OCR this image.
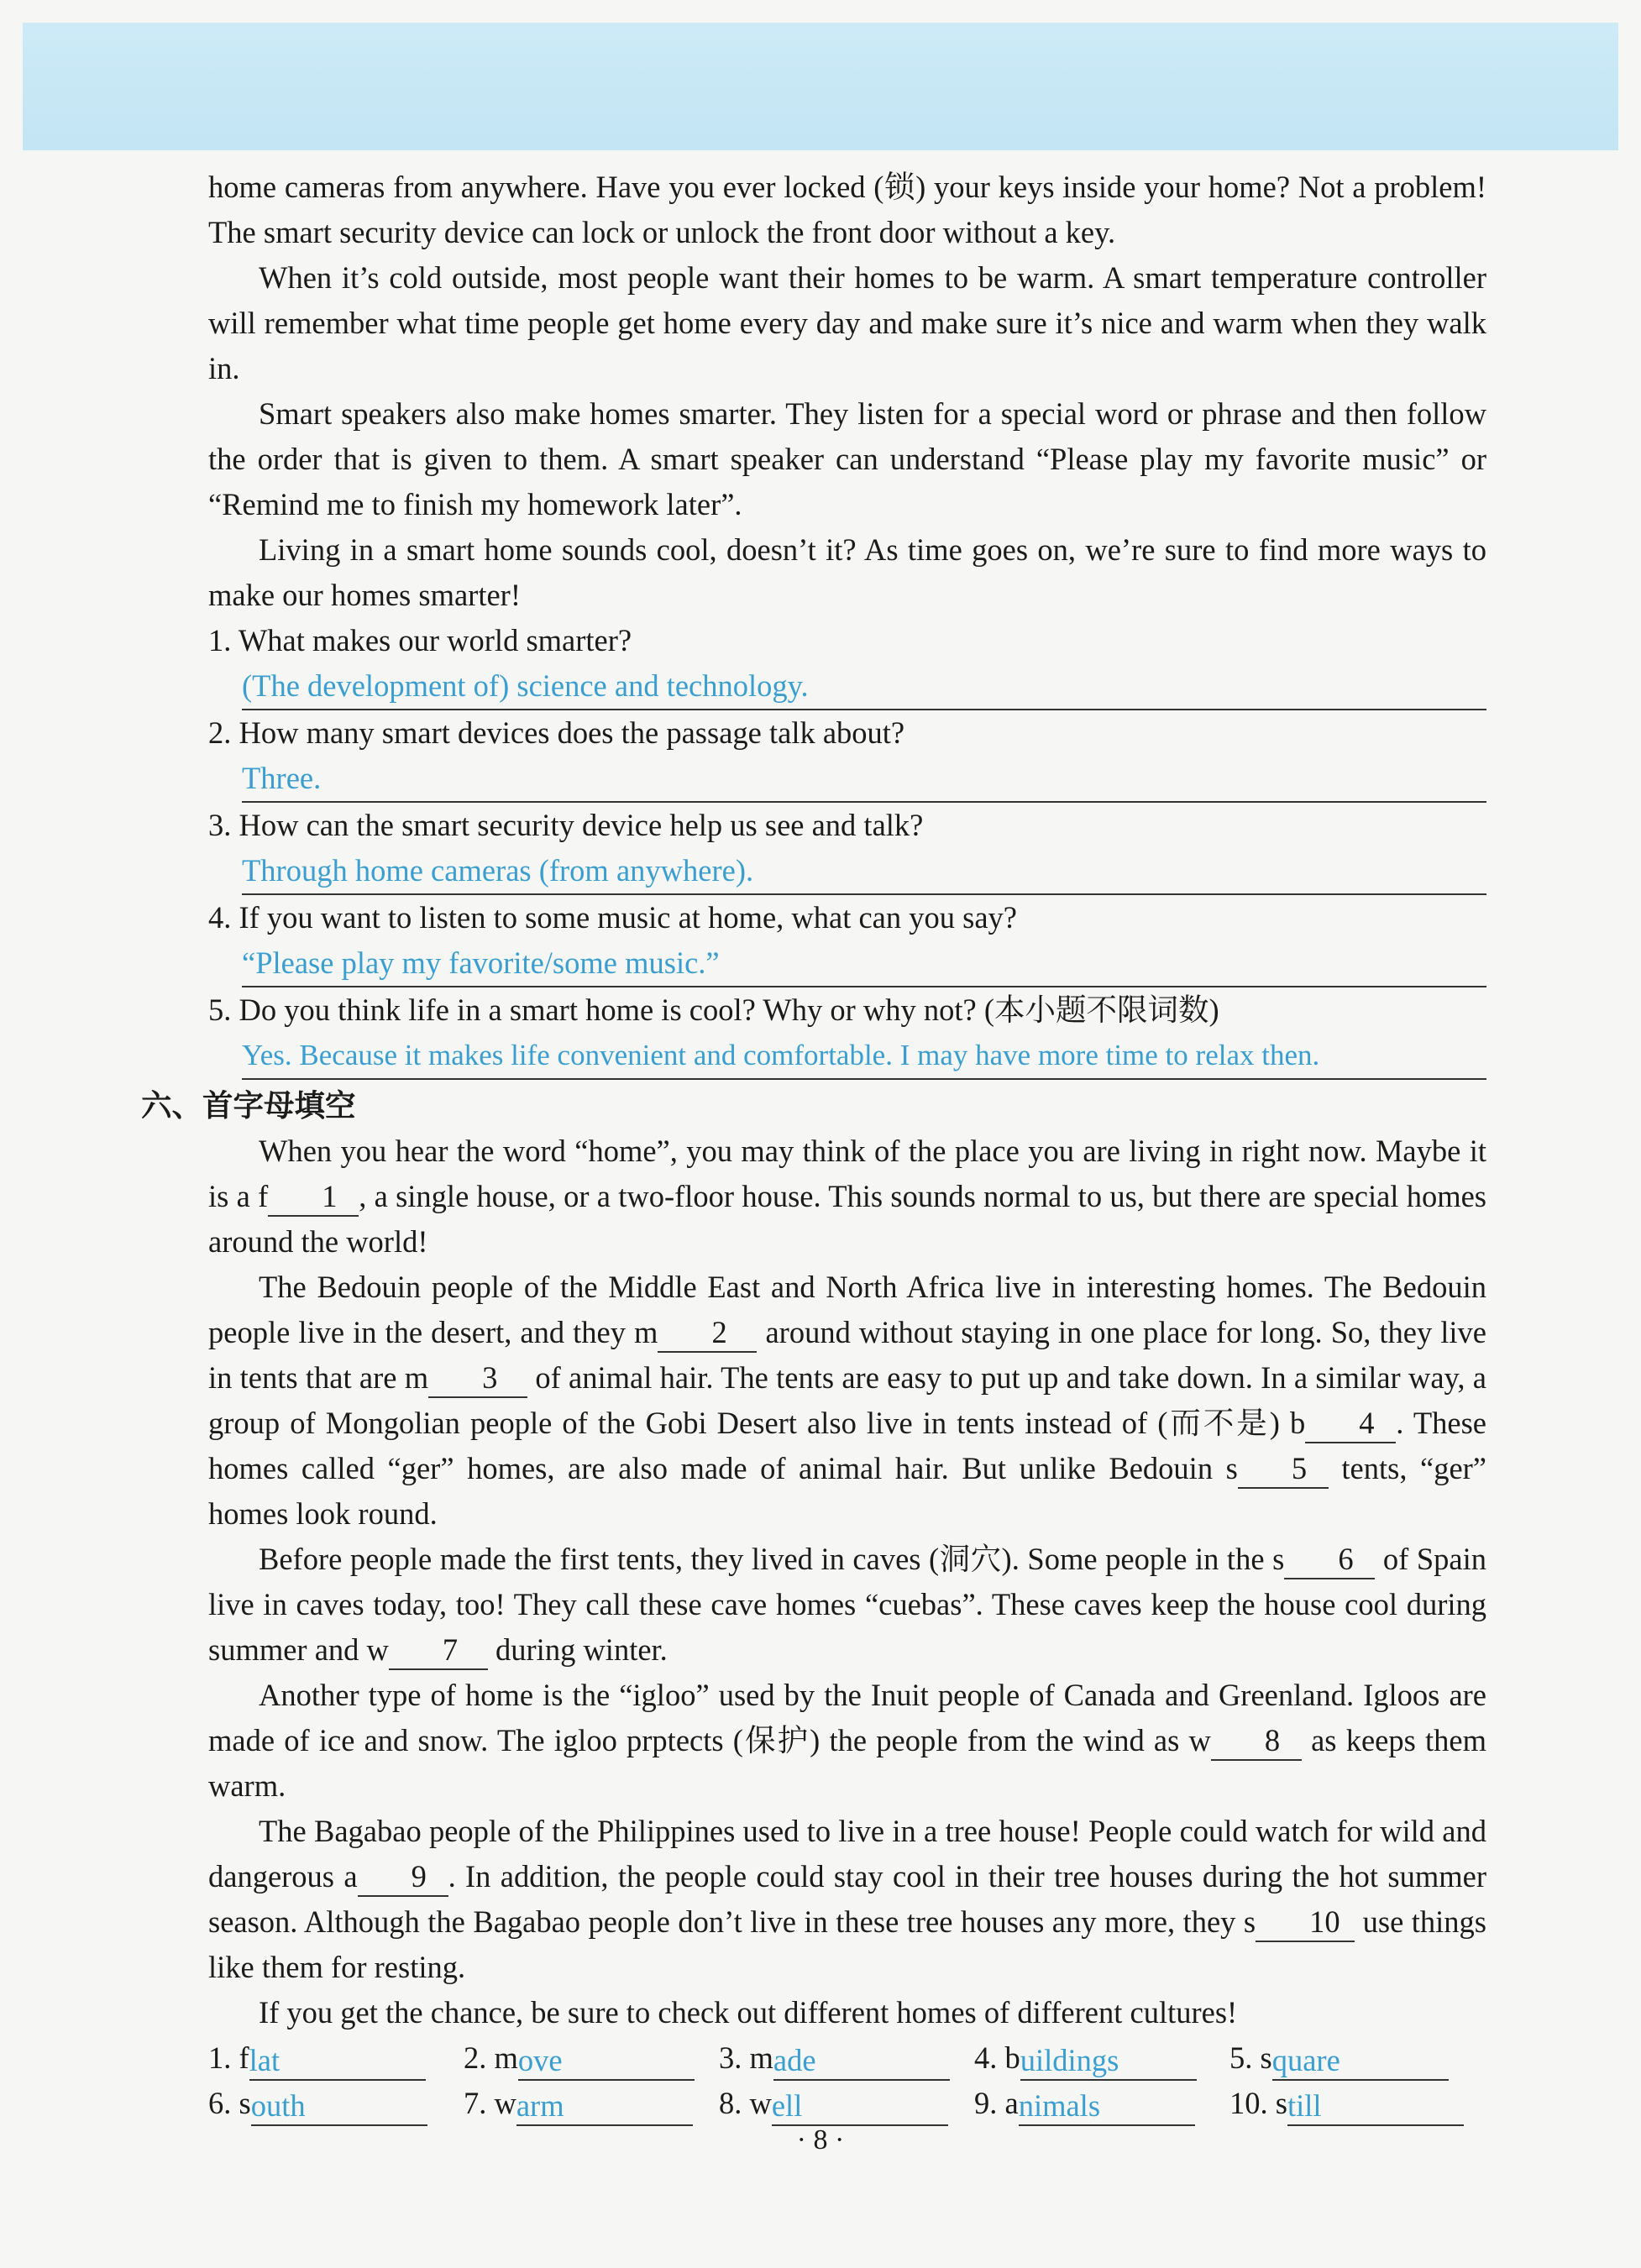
home cameras from anywhere. Have you ever locked (锁) your keys inside your home? Not a problem! The smart security device can lock or unlock the front door without a key.

When it’s cold outside, most people want their homes to be warm. A smart temperature controller will remember what time people get home every day and make sure it’s nice and warm when they walk in.

Smart speakers also make homes smarter. They listen for a special word or phrase and then follow the order that is given to them. A smart speaker can understand “Please play my favorite music” or “Remind me to finish my homework later”.

Living in a smart home sounds cool, doesn’t it? As time goes on, we’re sure to find more ways to make our homes smarter!

1. What makes our world smarter?
(The development of) science and technology.
2. How many smart devices does the passage talk about?
Three.
3. How can the smart security device help us see and talk?
Through home cameras (from anywhere).
4. If you want to listen to some music at home, what can you say?
“Please play my favorite/some music.”
5. Do you think life in a smart home is cool? Why or why not? (本小题不限词数)
Yes. Because it makes life convenient and comfortable. I may have more time to relax then.
六、首字母填空

When you hear the word “home”, you may think of the place you are living in right now. Maybe it is a f 1 , a single house, or a two-floor house. This sounds normal to us, but there are special homes around the world!

The Bedouin people of the Middle East and North Africa live in interesting homes. The Bedouin people live in the desert, and they m 2 around without staying in one place for long. So, they live in tents that are m 3 of animal hair. The tents are easy to put up and take down. In a similar way, a group of Mongolian people of the Gobi Desert also live in tents instead of (而不是) b 4 . These homes called “ger” homes, are also made of animal hair. But unlike Bedouin s 5 tents, “ger” homes look round.

Before people made the first tents, they lived in caves (洞穴). Some people in the s 6 of Spain live in caves today, too! They call these cave homes “cuebas”. These caves keep the house cool during summer and w 7 during winter.

Another type of home is the “igloo” used by the Inuit people of Canada and Greenland. Igloos are made of ice and snow. The igloo prptects (保护) the people from the wind as w 8 as keeps them warm.

The Bagabao people of the Philippines used to live in a tree house! People could watch for wild and dangerous a 9 . In addition, the people could stay cool in their tree houses during the hot summer season. Although the Bagabao people don’t live in these tree houses any more, they s 10 use things like them for resting.

If you get the chance, be sure to check out different homes of different cultures!

1. f lat	2. m ove	3. m ade	4. b uildings	5. s quare
6. s outh	7. w arm	8. w ell	9. a nimals	10. s till
· 8 ·
